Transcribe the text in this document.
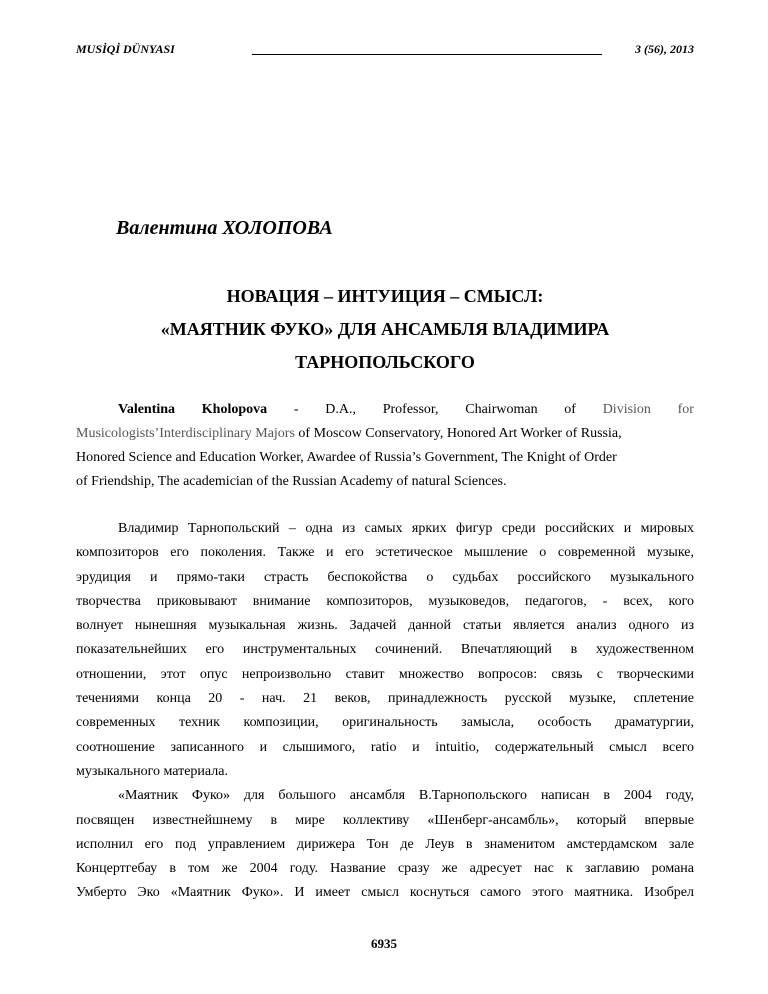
MUSİQİ DÜNYASI	3 (56), 2013
Валентина ХОЛОПОВА
НОВАЦИЯ – ИНТУИЦИЯ – СМЫСЛ:
«МАЯТНИК ФУКО» ДЛЯ АНСАМБЛЯ ВЛАДИМИРА
ТАРНОПОЛЬСКОГО
Valentina Kholopova - D.A., Professor, Chairwoman of Division for
Musicologists’Interdisciplinary Majors of Moscow Conservatory, Honored Art Worker of Russia,
Honored Science and Education Worker, Awardee of Russia’s Government, The Knight of Order
of Friendship, The academician of the Russian Academy of natural Sciences.
Владимир Тарнопольский – одна из самых ярких фигур среди российских и мировых
композиторов его поколения. Также и его эстетическое мышление о современной музыке,
эрудиция и прямо-таки страсть беспокойства о судьбах российского музыкального
творчества приковывают внимание композиторов, музыковедов, педагогов, - всех, кого
волнует нынешняя музыкальная жизнь. Задачей данной статьи является анализ одного из
показательнейших его инструментальных сочинений. Впечатляющий в художественном
отношении, этот опус непроизвольно ставит множество вопросов: связь с творческими
течениями конца 20 - нач. 21 веков, принадлежность русской музыке, сплетение
современных техник композиции, оригинальность замысла, особость драматургии,
соотношение записанного и слышимого, ratio и intuitio, содержательный смысл всего
музыкального материала.
«Маятник Фуко» для большого ансамбля В.Тарнопольского написан в 2004 году,
посвящен известнейшнему в мире коллективу «Шенберг-ансамбль», который впервые
исполнил его под управлением дирижера Тон де Леув в знаменитом амстердамском зале
Концертгебау в том же 2004 году. Название сразу же адресует нас к заглавию романа
Умберто Эко «Маятник Фуко». И имеет смысл коснуться самого этого маятника. Изобрел
6935
